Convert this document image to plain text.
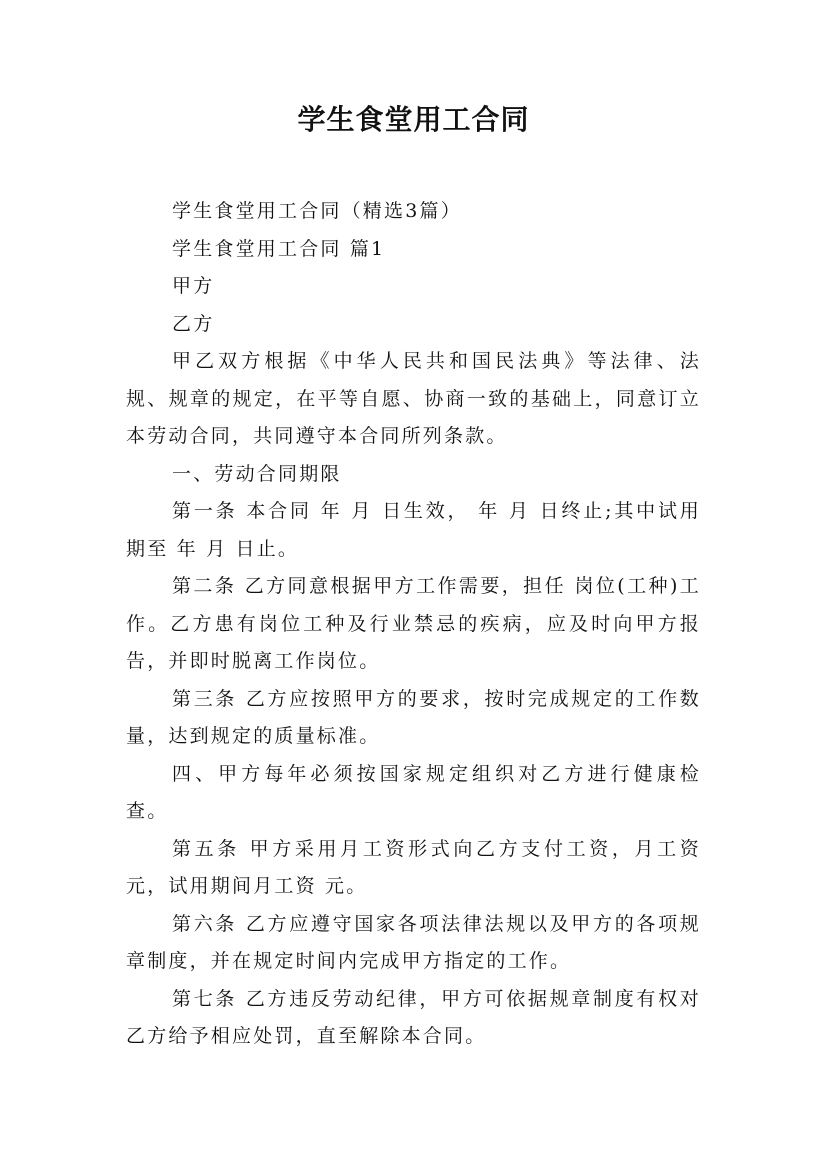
学生食堂用工合同

学生食堂用工合同（精选3篇）

学生食堂用工合同 篇1

甲方

乙方

甲乙双方根据《中华人民共和国民法典》等法律、法规、规章的规定，在平等自愿、协商一致的基础上，同意订立本劳动合同，共同遵守本合同所列条款。

一、劳动合同期限

第一条 本合同 年 月 日生效， 年 月 日终止;其中试用期至 年 月 日止。

第二条 乙方同意根据甲方工作需要，担任 岗位(工种)工作。乙方患有岗位工种及行业禁忌的疾病，应及时向甲方报告，并即时脱离工作岗位。

第三条 乙方应按照甲方的要求，按时完成规定的工作数量，达到规定的质量标准。

四、甲方每年必须按国家规定组织对乙方进行健康检查。

第五条 甲方采用月工资形式向乙方支付工资，月工资 元，试用期间月工资 元。

第六条 乙方应遵守国家各项法律法规以及甲方的各项规章制度，并在规定时间内完成甲方指定的工作。

第七条 乙方违反劳动纪律，甲方可依据规章制度有权对乙方给予相应处罚，直至解除本合同。
